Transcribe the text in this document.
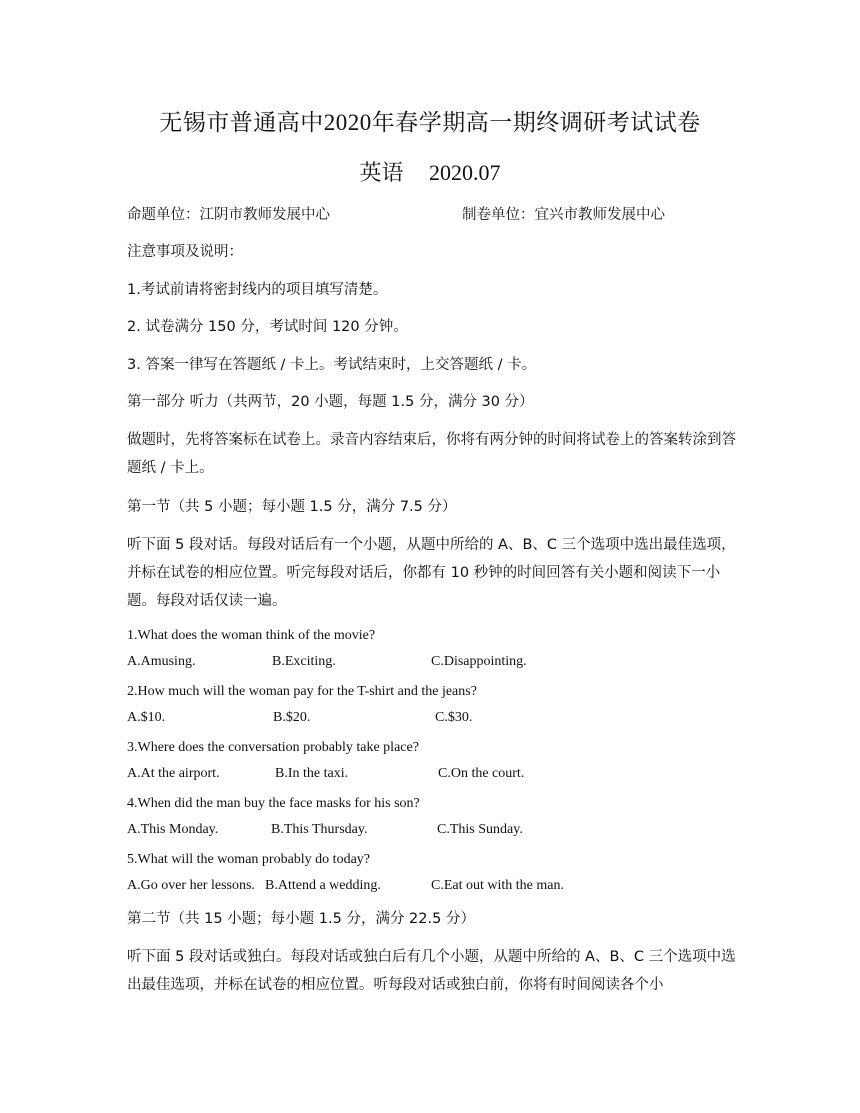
无锡市普通高中2020年春学期高一期终调研考试试卷
英语 2020.07
命题单位：江阴市教师发展中心	制卷单位：宜兴市教师发展中心
注意事项及说明：
1.考试前请将密封线内的项目填写清楚。
2. 试卷满分 150 分，考试时间 120 分钟。
3. 答案一律写在答题纸 / 卡上。考试结束时，上交答题纸 / 卡。
第一部分 听力（共两节，20 小题，每题 1.5 分，满分 30 分）
做题时，先将答案标在试卷上。录音内容结束后，你将有两分钟的时间将试卷上的答案转涂到答题纸 / 卡上。
第一节（共 5 小题；每小题 1.5 分，满分 7.5 分）
听下面 5 段对话。每段对话后有一个小题，从题中所给的 A、B、C 三个选项中选出最佳选项，并标在试卷的相应位置。听完每段对话后，你都有 10 秒钟的时间回答有关小题和阅读下一小题。每段对话仅读一遍。
1.What does the woman think of the movie?
A.Amusing.	B.Exciting.	C.Disappointing.
2.How much will the woman pay for the T-shirt and the jeans?
A.$10.	B.$20.	C.$30.
3.Where does the conversation probably take place?
A.At the airport.	B.In the taxi.	C.On the court.
4.When did the man buy the face masks for his son?
A.This Monday.	B.This Thursday.	C.This Sunday.
5.What will the woman probably do today?
A.Go over her lessons. B.Attend a wedding.	C.Eat out with the man.
第二节（共 15 小题；每小题 1.5 分，满分 22.5 分）
听下面 5 段对话或独白。每段对话或独白后有几个小题，从题中所给的 A、B、C 三个选项中选出最佳选项，并标在试卷的相应位置。听每段对话或独白前，你将有时间阅读各个小
